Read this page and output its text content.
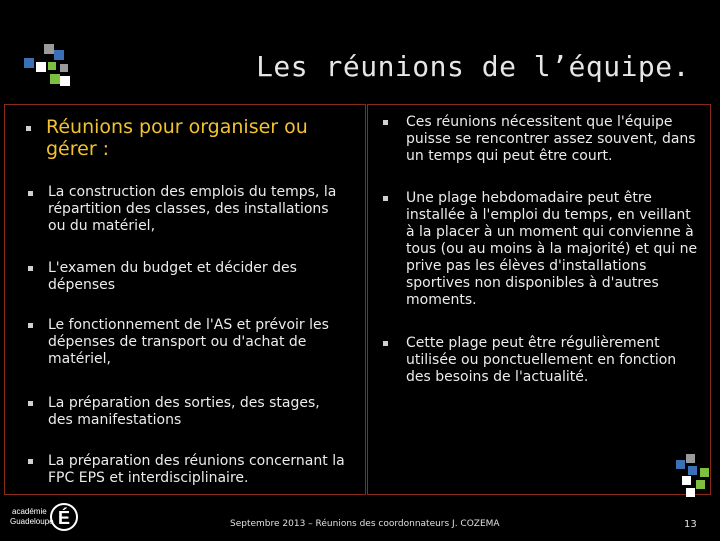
Les réunions de l’équipe.
Réunions pour organiser ou gérer :
La construction des emplois du temps, la répartition des classes, des installations ou du matériel,
L'examen du budget et décider des dépenses
Le fonctionnement de l'AS et prévoir les dépenses de transport ou d'achat de matériel,
La préparation des sorties, des stages, des manifestations
La préparation des réunions concernant la FPC EPS et interdisciplinaire.
Ces réunions nécessitent que l'équipe puisse se rencontrer assez souvent, dans un temps qui peut être court.
Une plage hebdomadaire peut être installée à l'emploi du temps, en veillant à la placer à un moment qui convienne à tous (ou au moins à la majorité) et qui ne prive pas les élèves d'installations sportives non disponibles à d'autres moments.
Cette plage peut être régulièrement utilisée ou ponctuellement en fonction des besoins de l'actualité.
académie
Guadeloupe É	Septembre 2013 – Réunions des coordonnateurs J. COZEMA	13
